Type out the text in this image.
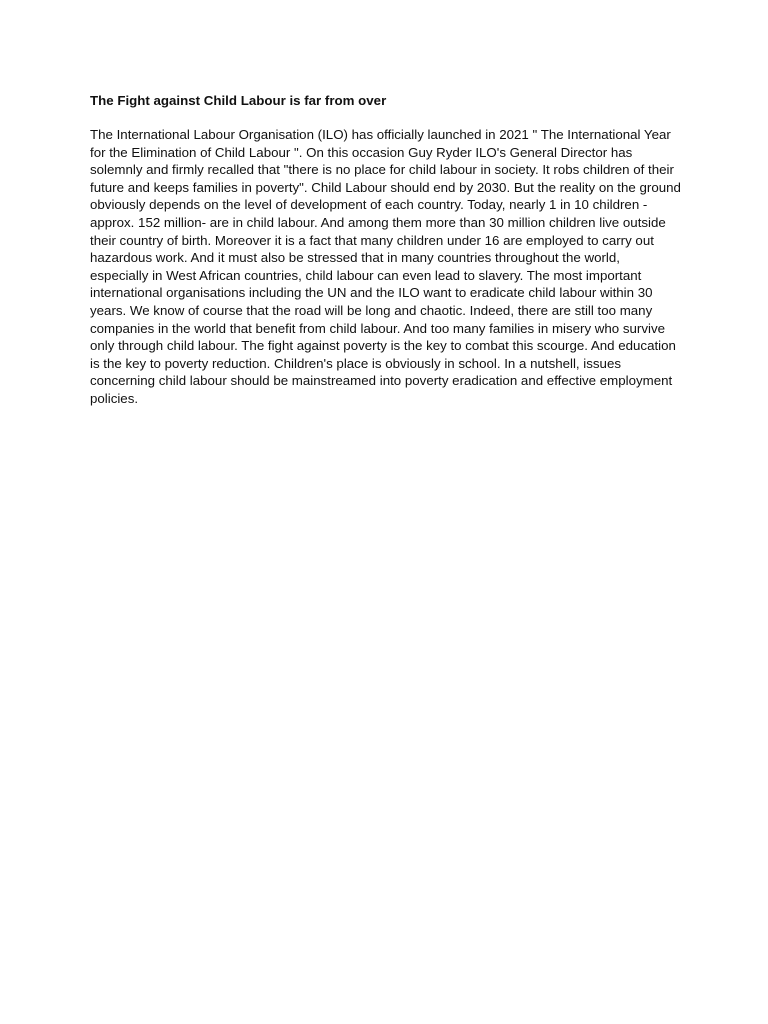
The Fight against Child Labour is far from over

The International Labour Organisation (ILO) has officially launched in 2021 " The International Year for the Elimination of Child Labour ". On this occasion Guy Ryder ILO's General Director has solemnly and firmly recalled that "there is no place for child labour in society. It robs children of their future and keeps families in poverty". Child Labour should end by 2030. But the reality on the ground obviously depends on the level of development of each country. Today, nearly 1 in 10 children -approx. 152 million- are in child labour. And among them more than 30 million children live outside their country of birth. Moreover it is a fact that many children under 16 are employed to carry out hazardous work. And it must also be stressed that in many countries throughout the world, especially in West African countries, child labour can even lead to slavery. The most important international organisations including the UN and the ILO want to eradicate child labour within 30 years. We know of course that the road will be long and chaotic. Indeed, there are still too many companies in the world that benefit from child labour. And too many families in misery who survive only through child labour. The fight against poverty is the key to combat this scourge. And education is the key to poverty reduction. Children's place is obviously in school. In a nutshell, issues concerning child labour should be mainstreamed into poverty eradication and effective employment policies.
